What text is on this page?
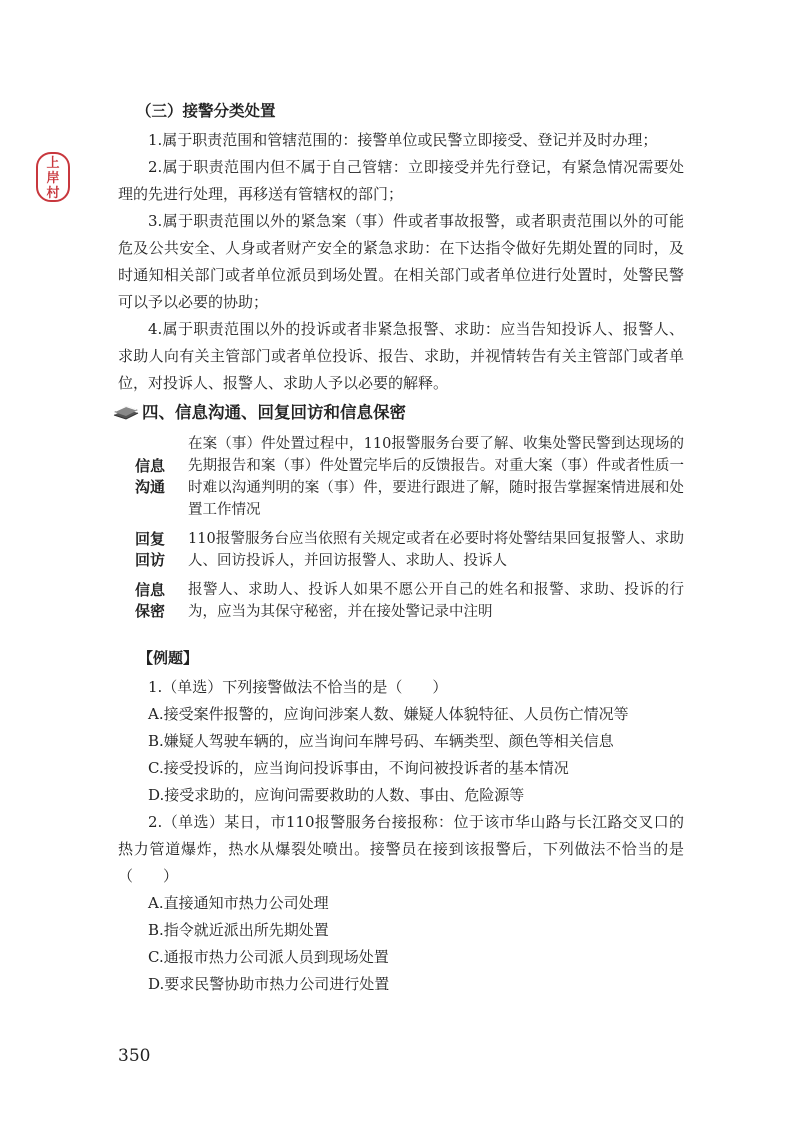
上
岸
村

（三）接警分类处置

1.属于职责范围和管辖范围的：接警单位或民警立即接受、登记并及时办理；

2.属于职责范围内但不属于自己管辖：立即接受并先行登记，有紧急情况需要处理的先进行处理，再移送有管辖权的部门；

3.属于职责范围以外的紧急案（事）件或者事故报警，或者职责范围以外的可能危及公共安全、人身或者财产安全的紧急求助：在下达指令做好先期处置的同时，及时通知相关部门或者单位派员到场处置。在相关部门或者单位进行处置时，处警民警可以予以必要的协助；

4.属于职责范围以外的投诉或者非紧急报警、求助：应当告知投诉人、报警人、求助人向有关主管部门或者单位投诉、报告、求助，并视情转告有关主管部门或者单位，对投诉人、报警人、求助人予以必要的解释。

四、信息沟通、回复回访和信息保密
信息
沟通
在案（事）件处置过程中，110报警服务台要了解、收集处警民警到达现场的先期报告和案（事）件处置完毕后的反馈报告。对重大案（事）件或者性质一时难以沟通判明的案（事）件，要进行跟进了解，随时报告掌握案情进展和处置工作情况
回复
回访
110报警服务台应当依照有关规定或者在必要时将处警结果回复报警人、求助人、回访投诉人，并回访报警人、求助人、投诉人
信息
保密
报警人、求助人、投诉人如果不愿公开自己的姓名和报警、求助、投诉的行为，应当为其保守秘密，并在接处警记录中注明
【例题】

1.（单选）下列接警做法不恰当的是（　　）

A.接受案件报警的，应询问涉案人数、嫌疑人体貌特征、人员伤亡情况等

B.嫌疑人驾驶车辆的，应当询问车牌号码、车辆类型、颜色等相关信息

C.接受投诉的，应当询问投诉事由，不询问被投诉者的基本情况

D.接受求助的，应询问需要救助的人数、事由、危险源等

2.（单选）某日，市110报警服务台接报称：位于该市华山路与长江路交叉口的热力管道爆炸，热水从爆裂处喷出。接警员在接到该报警后，下列做法不恰当的是（　　）

A.直接通知市热力公司处理

B.指令就近派出所先期处置

C.通报市热力公司派人员到现场处置

D.要求民警协助市热力公司进行处置

350
